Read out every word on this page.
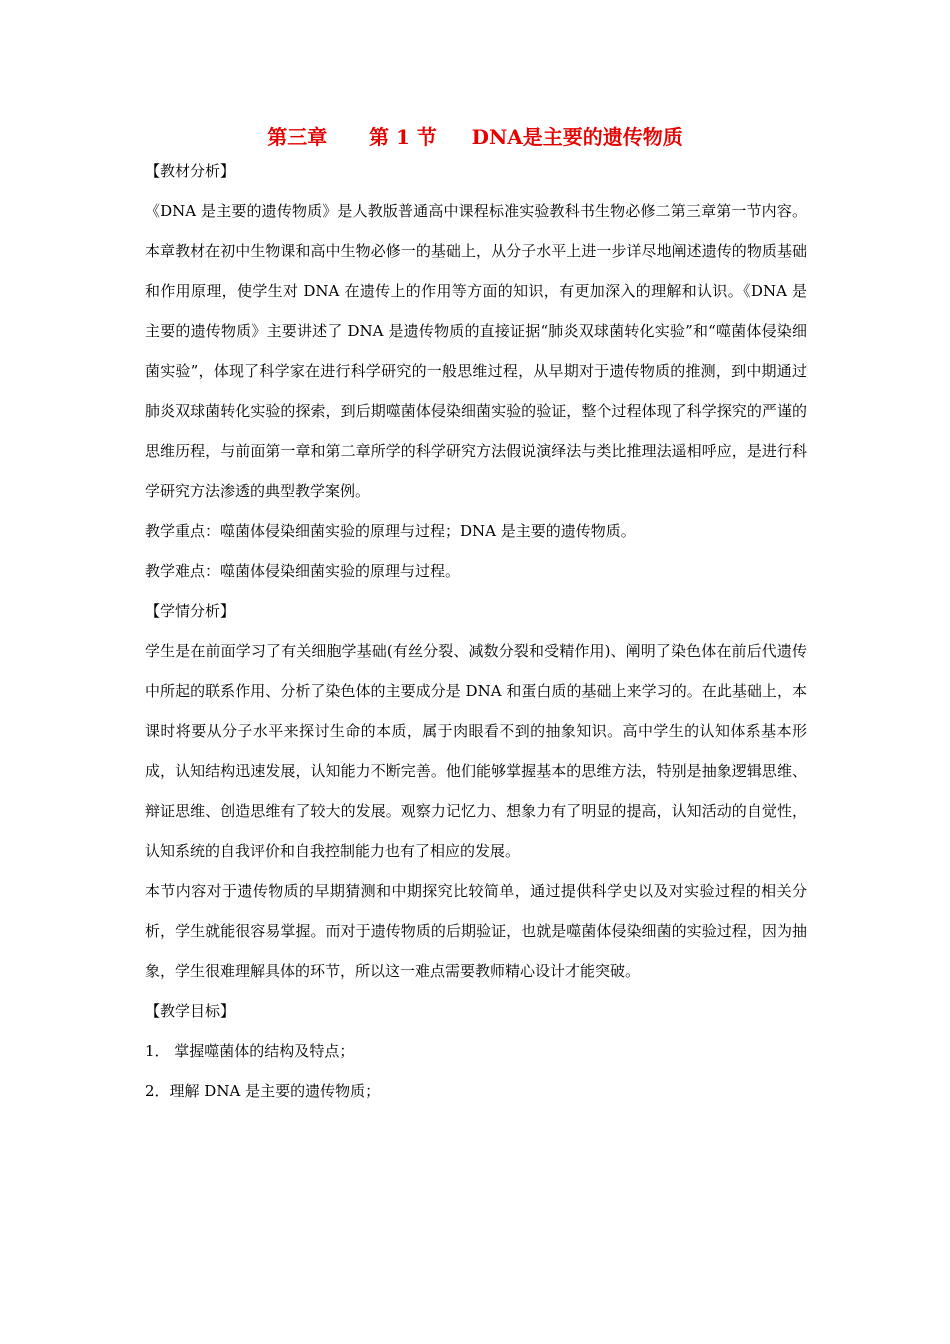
第三章      第 1 节     DNA是主要的遗传物质

【教材分析】

《DNA 是主要的遗传物质》是人教版普通高中课程标准实验教科书生物必修二第三章第一节内容。本章教材在初中生物课和高中生物必修一的基础上，从分子水平上进一步详尽地阐述遗传的物质基础和作用原理，使学生对 DNA 在遗传上的作用等方面的知识，有更加深入的理解和认识。《DNA 是主要的遗传物质》主要讲述了 DNA 是遗传物质的直接证据“肺炎双球菌转化实验”和“噬菌体侵染细菌实验”，体现了科学家在进行科学研究的一般思维过程，从早期对于遗传物质的推测，到中期通过肺炎双球菌转化实验的探索，到后期噬菌体侵染细菌实验的验证，整个过程体现了科学探究的严谨的思维历程，与前面第一章和第二章所学的科学研究方法假说演绎法与类比推理法遥相呼应，是进行科学研究方法渗透的典型教学案例。

教学重点：噬菌体侵染细菌实验的原理与过程；DNA 是主要的遗传物质。

教学难点：噬菌体侵染细菌实验的原理与过程。

【学情分析】

学生是在前面学习了有关细胞学基础(有丝分裂、减数分裂和受精作用)、阐明了染色体在前后代遗传中所起的联系作用、分析了染色体的主要成分是 DNA 和蛋白质的基础上来学习的。在此基础上，本课时将要从分子水平来探讨生命的本质，属于肉眼看不到的抽象知识。高中学生的认知体系基本形成，认知结构迅速发展，认知能力不断完善。他们能够掌握基本的思维方法，特别是抽象逻辑思维、辩证思维、创造思维有了较大的发展。观察力记忆力、想象力有了明显的提高，认知活动的自觉性，认知系统的自我评价和自我控制能力也有了相应的发展。

本节内容对于遗传物质的早期猜测和中期探究比较简单，通过提供科学史以及对实验过程的相关分析，学生就能很容易掌握。而对于遗传物质的后期验证，也就是噬菌体侵染细菌的实验过程，因为抽象，学生很难理解具体的环节，所以这一难点需要教师精心设计才能突破。

【教学目标】

1． 掌握噬菌体的结构及特点；

2．理解 DNA 是主要的遗传物质；
